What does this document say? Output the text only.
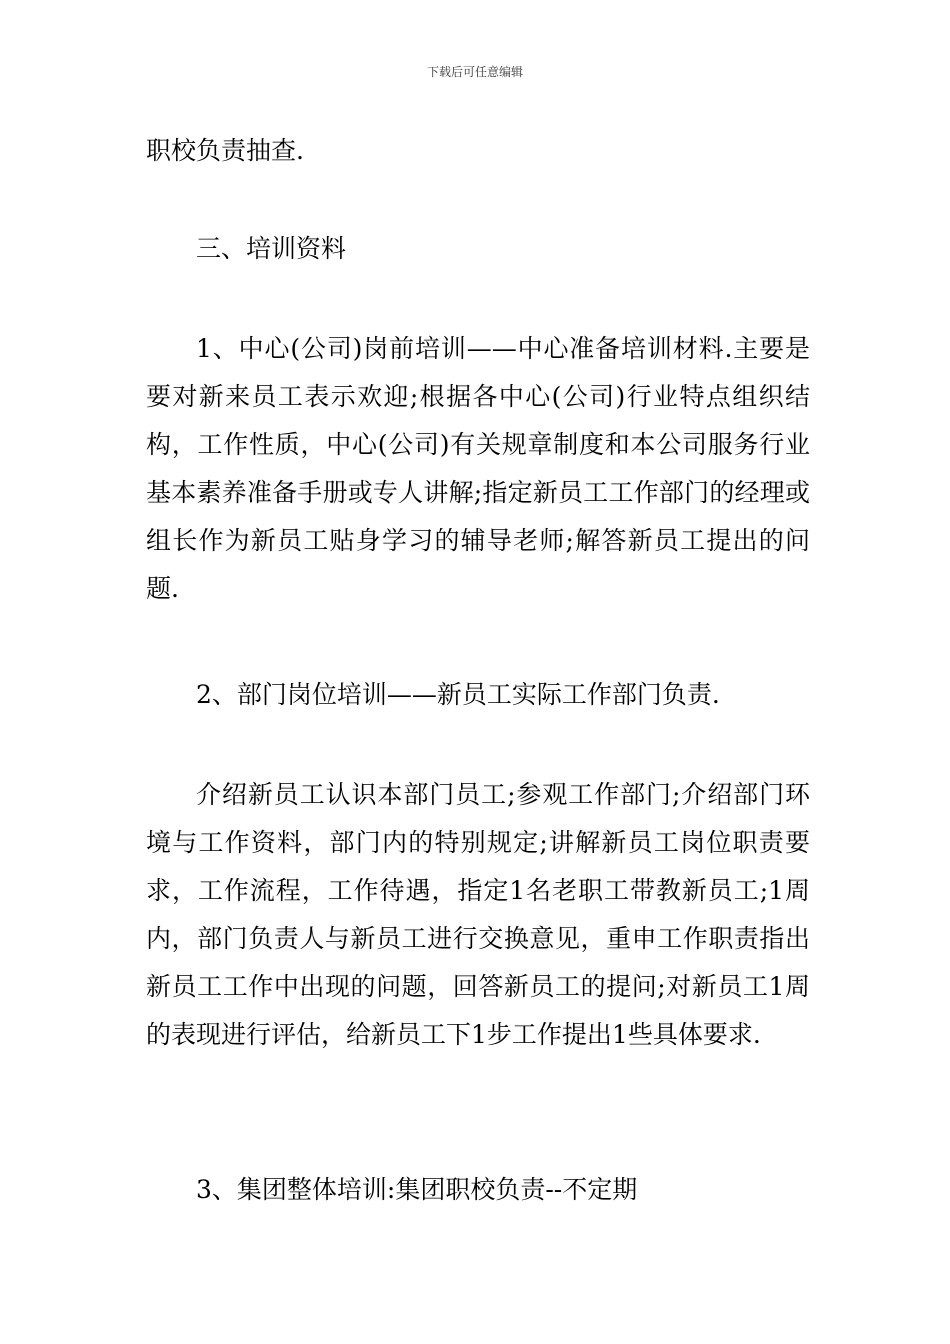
下载后可任意编辑

职校负责抽查.

三、培训资料

1、中心(公司)岗前培训——中心准备培训材料.主要是要对新来员工表示欢迎;根据各中心(公司)行业特点组织结构，工作性质，中心(公司)有关规章制度和本公司服务行业基本素养准备手册或专人讲解;指定新员工工作部门的经理或组长作为新员工贴身学习的辅导老师;解答新员工提出的问题.

2、部门岗位培训——新员工实际工作部门负责.

介绍新员工认识本部门员工;参观工作部门;介绍部门环境与工作资料，部门内的特别规定;讲解新员工岗位职责要求，工作流程，工作待遇，指定1名老职工带教新员工;1周内，部门负责人与新员工进行交换意见，重申工作职责指出新员工工作中出现的问题，回答新员工的提问;对新员工1周的表现进行评估，给新员工下1步工作提出1些具体要求.

3、集团整体培训:集团职校负责--不定期
